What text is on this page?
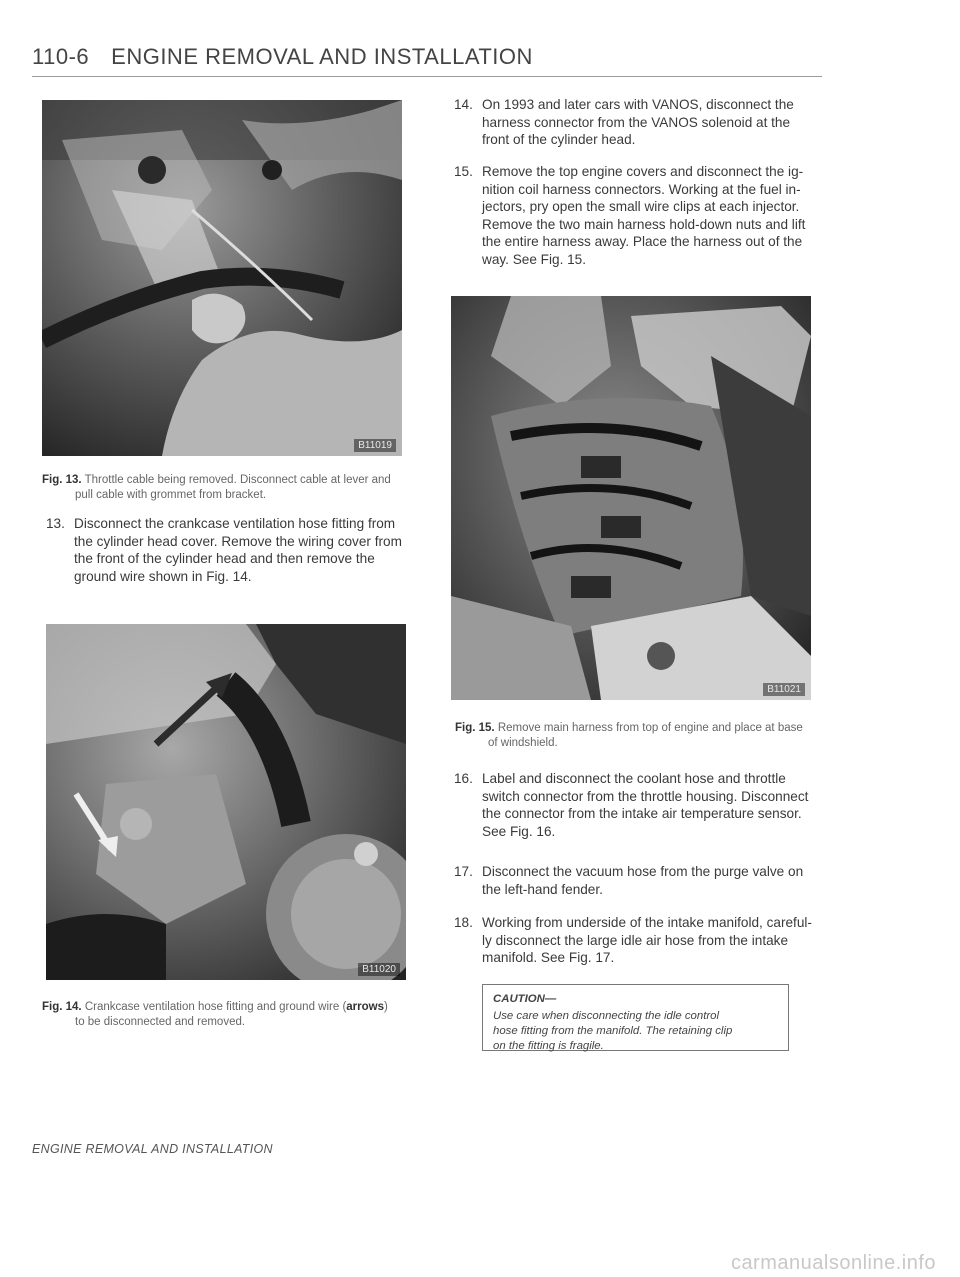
110-6 ENGINE REMOVAL AND INSTALLATION
B11019
Fig. 13. Throttle cable being removed. Disconnect cable at lever and
pull cable with grommet from bracket.
13. Disconnect the crankcase ventilation hose fitting from
the cylinder head cover. Remove the wiring cover from
the front of the cylinder head and then remove the
ground wire shown in Fig. 14.
B11020
Fig. 14. Crankcase ventilation hose fitting and ground wire (arrows)
to be disconnected and removed.
14. On 1993 and later cars with VANOS, disconnect the
harness connector from the VANOS solenoid at the
front of the cylinder head.
15. Remove the top engine covers and disconnect the ig-
nition coil harness connectors. Working at the fuel in-
jectors, pry open the small wire clips at each injector.
Remove the two main harness hold-down nuts and lift
the entire harness away. Place the harness out of the
way. See Fig. 15.
B11021
Fig. 15. Remove main harness from top of engine and place at base
of windshield.
16. Label and disconnect the coolant hose and throttle
switch connector from the throttle housing. Disconnect
the connector from the intake air temperature sensor.
See Fig. 16.
17. Disconnect the vacuum hose from the purge valve on
the left-hand fender.
18. Working from underside of the intake manifold, careful-
ly disconnect the large idle air hose from the intake
manifold. See Fig. 17.
CAUTION—
Use care when disconnecting the idle control
hose fitting from the manifold. The retaining clip
on the fitting is fragile.
ENGINE REMOVAL AND INSTALLATION
carmanualsonline.info
